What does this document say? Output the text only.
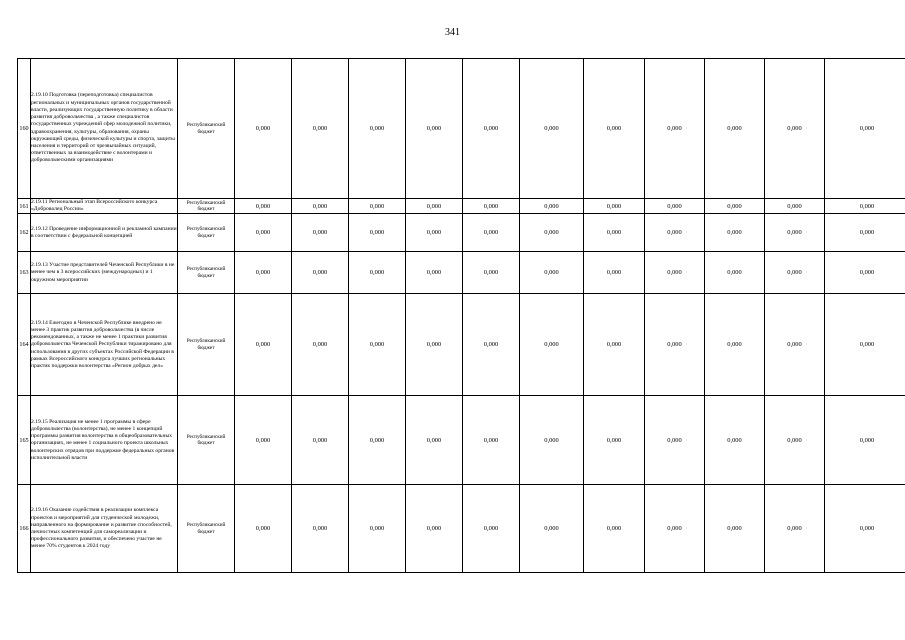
341
160	2.19.10 Подготовка (переподготовка) специалистов региональных и муниципальных органов государственной власти, реализующих государственную политику в области развития добровольчества , а также специалистов государственных учреждений сфер молодежной политики, здравоохранения, культуры, образования, охраны окружающей среды, физической культуры и спорта, защиты населения и территорий от чрезвычайных ситуаций, ответственных за взаимодействие с волонтерами и добровольческими организациями	Республиканский бюджет	0,000	0,000	0,000	0,000	0,000	0,000	0,000	0,000	0,000	0,000	0,000
161	2.19.11 Региональный этап Всероссийского конкурса «Доброволец России»	Республиканский бюджет	0,000	0,000	0,000	0,000	0,000	0,000	0,000	0,000	0,000	0,000	0,000
162	2.19.12 Проведение информационной и рекламной кампании в соответствии с федеральной концепцией	Республиканский бюджет	0,000	0,000	0,000	0,000	0,000	0,000	0,000	0,000	0,000	0,000	0,000
163	2.19.13 Участие представителей Чеченской Республики в не менее чем в 3 всероссийских (международных) и 1 окружном мероприятии	Республиканский бюджет	0,000	0,000	0,000	0,000	0,000	0,000	0,000	0,000	0,000	0,000	0,000
164	2.19.14 Ежегодно в Чеченской Республике внедрено не менее 3 практик развития добровольчества (в числе рекомендованных, а также не менее 1 практики развития добровольчества Чеченской Республики тиражировано для использования в других субъектах Российской Федерации в рамках Всероссийского конкурса лучших региональных практик поддержки волонтерства «Регион добрых дел»	Республиканский бюджет	0,000	0,000	0,000	0,000	0,000	0,000	0,000	0,000	0,000	0,000	0,000
165	2.19.15 Реализация не менее 1 программы в сфере добровольчества (волонтерства), не менее 1 концепций программы развития волонтерства в общеобразовательных организациях, не менее 1 социального проекта школьных волонтерских отрядов при поддержке федеральных органов исполнительной власти	Республиканский бюджет	0,000	0,000	0,000	0,000	0,000	0,000	0,000	0,000	0,000	0,000	0,000
166	2.19.16 Оказание содействия в реализации комплекса проектов и мероприятий для студенческой молодежи, направленного на формирование и развитие способностей, личностных компетенций для самореализации и профессионального развития, и обеспечено участие не менее 70% студентов к 2024 году	Республиканский бюджет	0,000	0,000	0,000	0,000	0,000	0,000	0,000	0,000	0,000	0,000	0,000
